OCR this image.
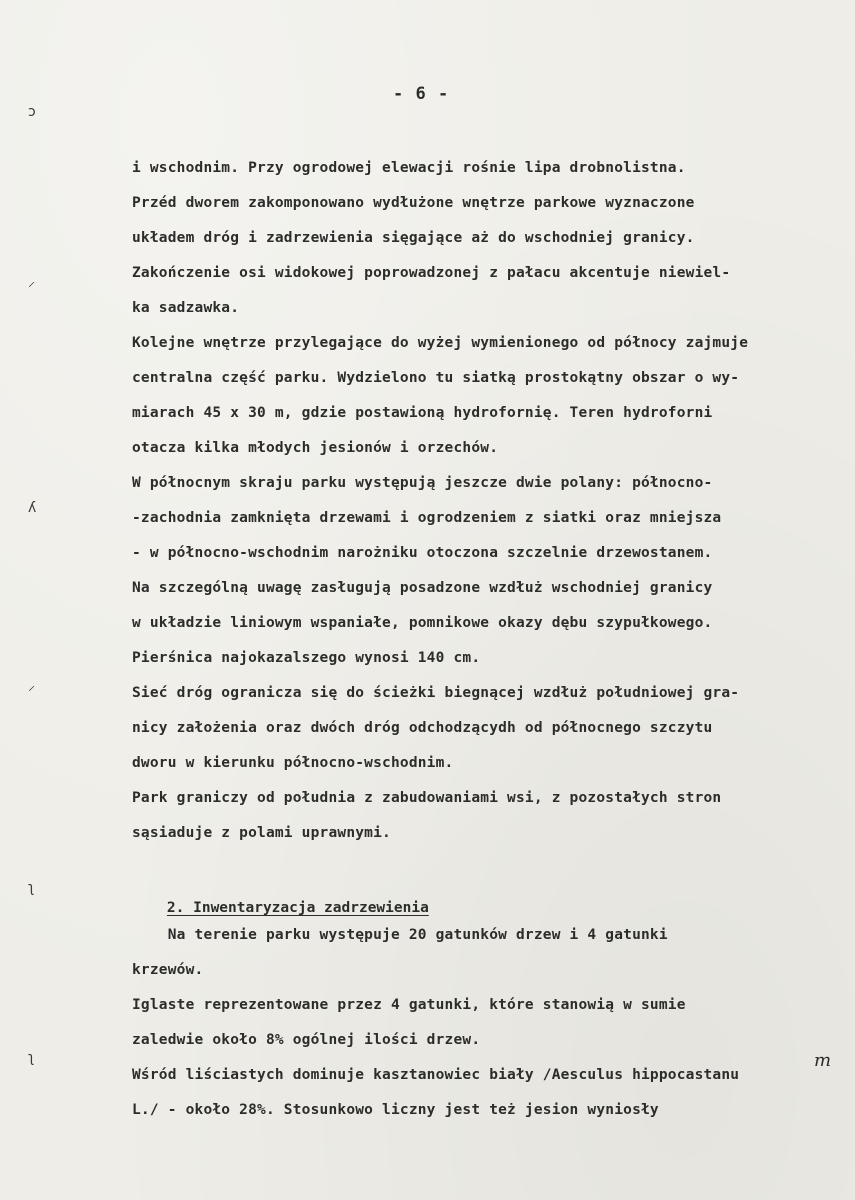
- 6 -
ↄ
⸝
ʎ
⸝
ʅ
ʅ
i wschodnim. Przy ogrodowej elewacji rośnie lipa drobnolistna.
Przéd dworem zakomponowano wydłużone wnętrze parkowe wyznaczone
układem dróg i zadrzewienia sięgające aż do wschodniej granicy.
Zakończenie osi widokowej poprowadzonej z pałacu akcentuje niewiel-
ka sadzawka.
Kolejne wnętrze przylegające do wyżej wymienionego od północy zajmuje
centralna część parku. Wydzielono tu siatką prostokątny obszar o wy-
miarach 45 x 30 m, gdzie postawioną hydrofornię. Teren hydroforni
otacza kilka młodych jesionów i orzechów.
W północnym skraju parku występują jeszcze dwie polany: północno-
-zachodnia zamknięta drzewami i ogrodzeniem z siatki oraz mniejsza
- w północno-wschodnim narożniku otoczona szczelnie drzewostanem.
Na szczególną uwagę zasługują posadzone wzdłuż wschodniej granicy
w układzie liniowym wspaniałe, pomnikowe okazy dębu szypułkowego.
Pierśnica najokazalszego wynosi 140 cm.
Sieć dróg ogranicza się do ścieżki biegnącej wzdłuż południowej gra-
nicy założenia oraz dwóch dróg odchodzącydh od północnego szczytu
dworu w kierunku północno-wschodnim.
Park graniczy od południa z zabudowaniami wsi, z pozostałych stron
sąsiaduje z polami uprawnymi.

2. Inwentaryzacja zadrzewienia

Na terenie parku występuje 20 gatunków drzew i 4 gatunki
krzewów.
Iglaste reprezentowane przez 4 gatunki, które stanowią w sumie
zaledwie około 8% ogólnej ilości drzew.
Wśród liściastych dominuje kasztanowiec biały /Aesculus hippocastanu
L./ - około 28%. Stosunkowo liczny jest też jesion wyniosły
m
